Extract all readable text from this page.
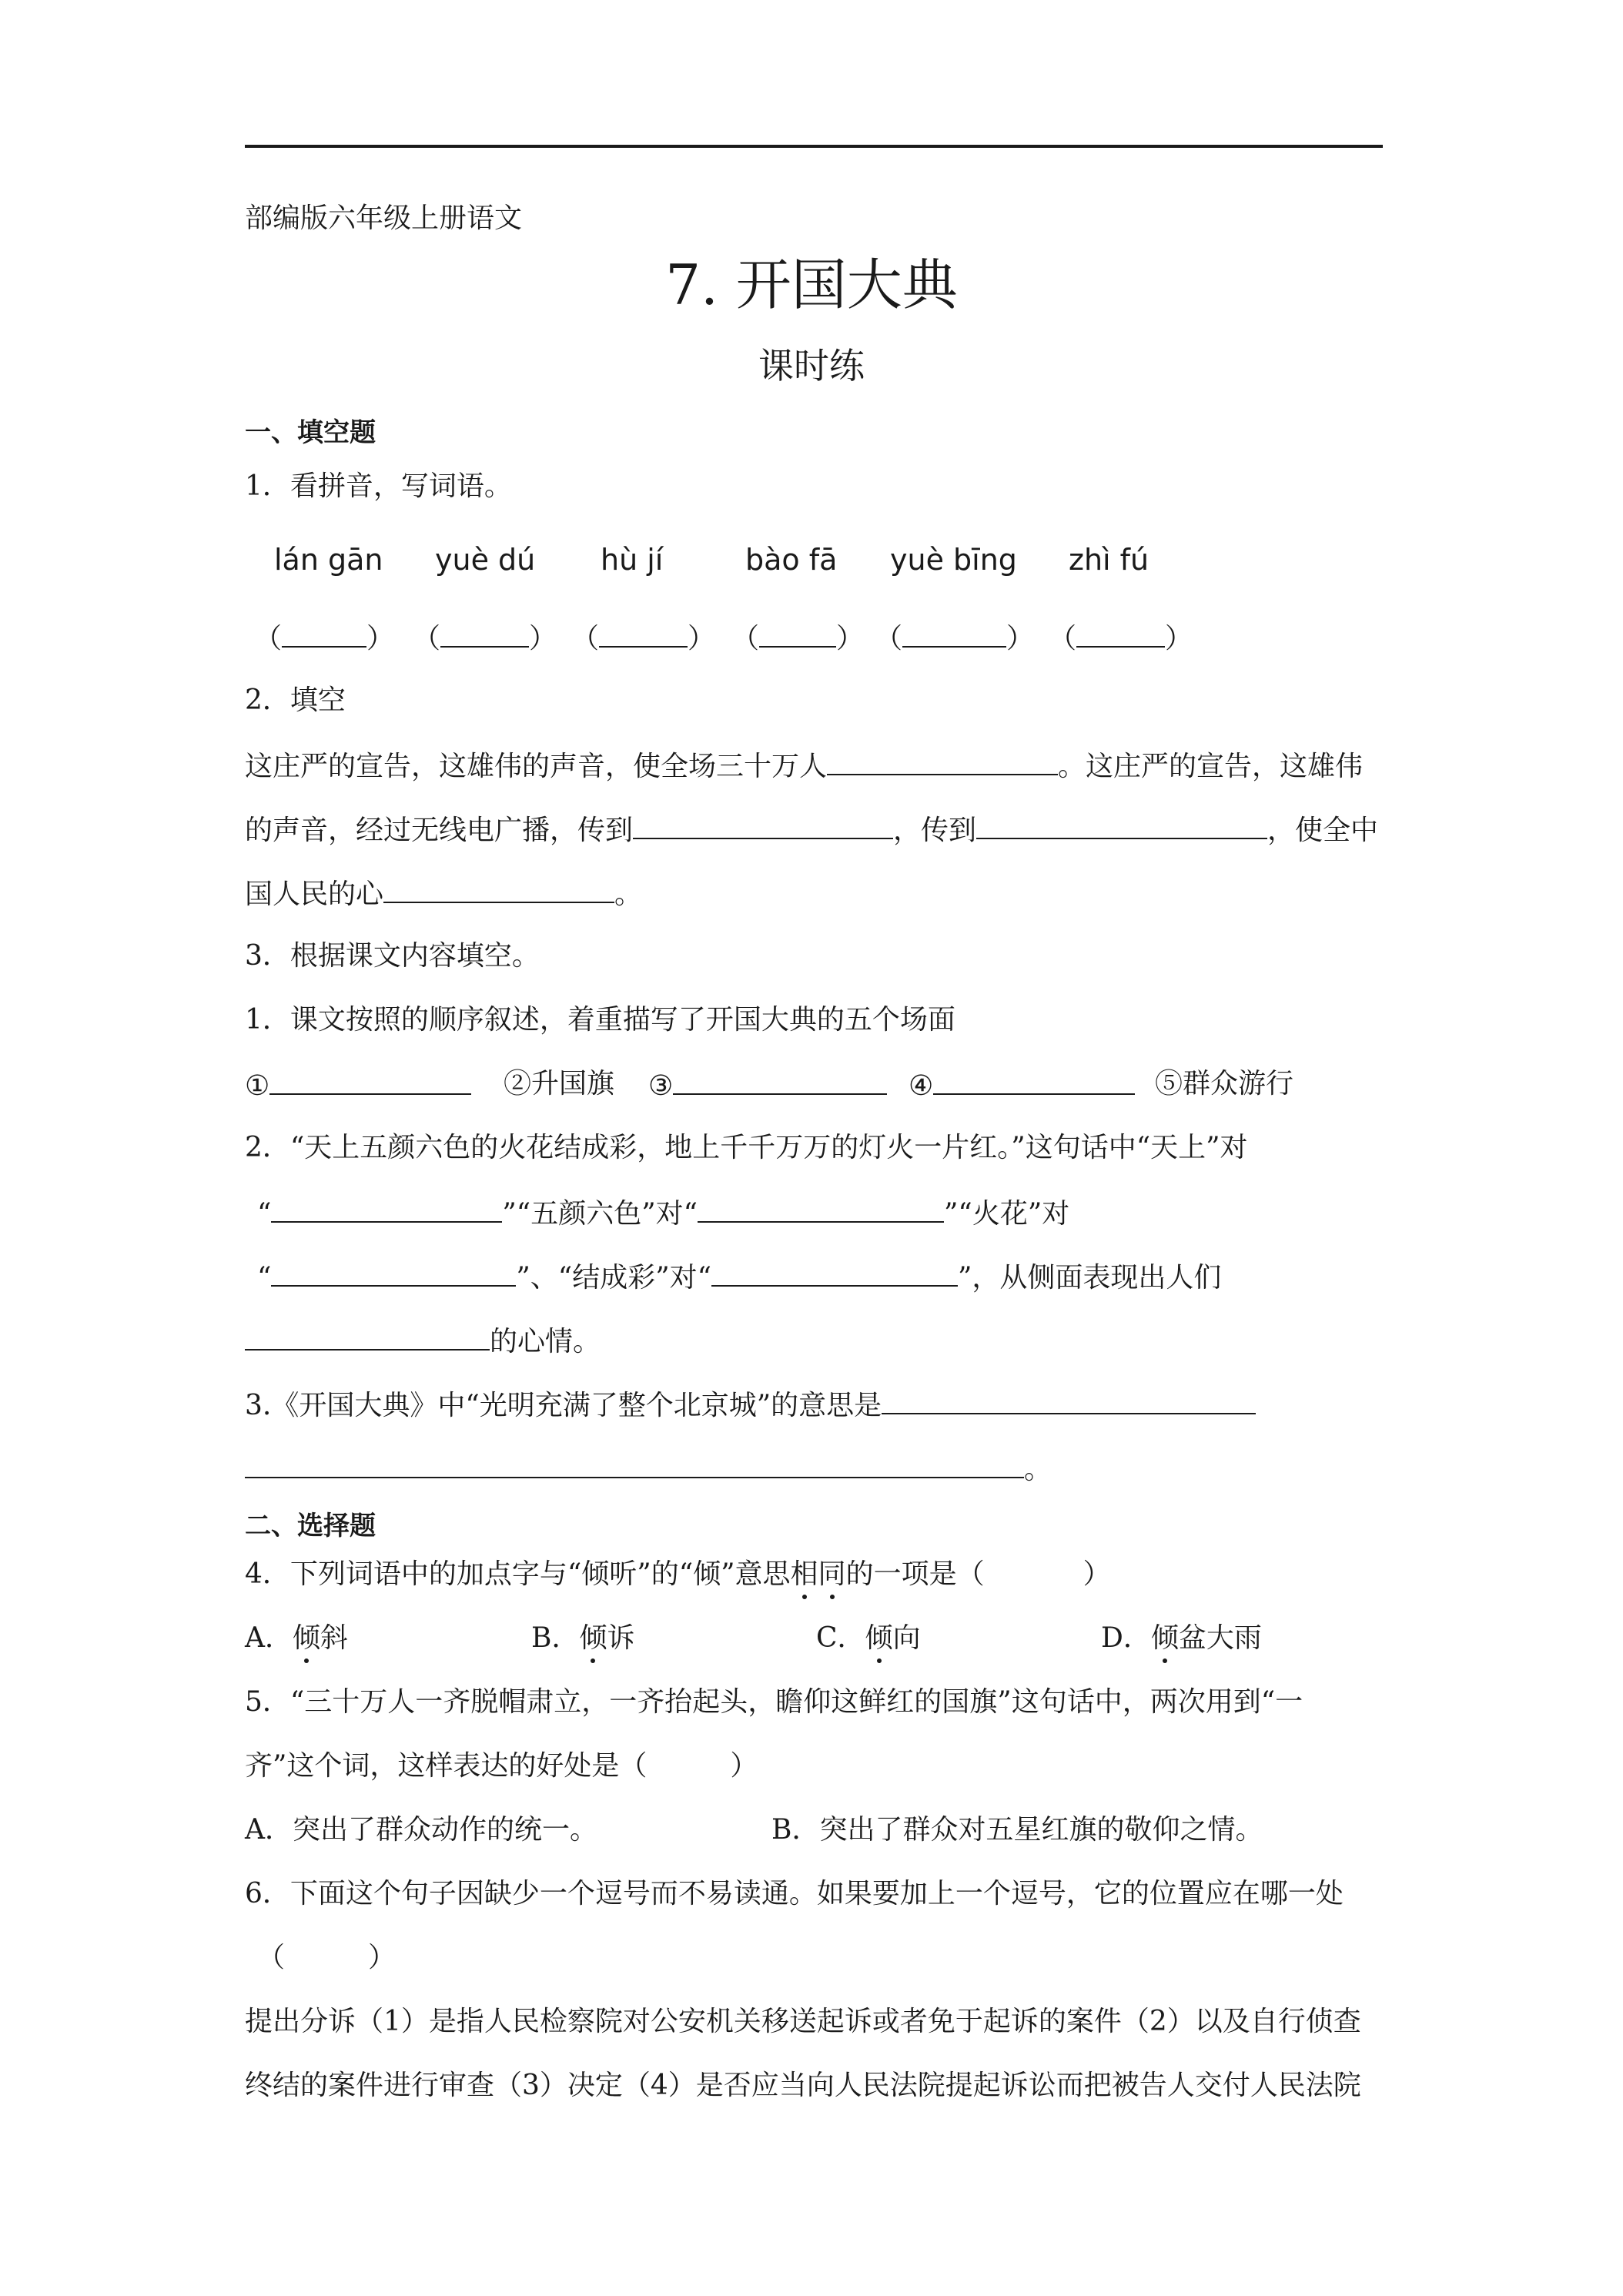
部编版六年级上册语文
7. 开国大典
课时练
一、填空题
1．看拼音，写词语。
lán gān yuè dú hù jí	bào fā yuè bīng zhì fú
（	） （	） （	） （	） （	） （	）
2．填空
这庄严的宣告，这雄伟的声音，使全场三十万人	。这庄严的宣告，这雄伟
的声音，经过无线电广播，传到	，传到	，使全中
国人民的心	。
3．根据课文内容填空。
1．课文按照的顺序叙述，着重描写了开国大典的五个场面
①	②升国旗 ③	④	⑤群众游行
2．“天上五颜六色的火花结成彩，地上千千万万的灯火一片红。”这句话中“天上”对
“	”“五颜六色”对“	”“火花”对
“	”、“结成彩”对“	”，从侧面表现出人们
的心情。
3.《开国大典》中“光明充满了整个北京城”的意思是
。
二、选择题
4．下列词语中的加点字与“倾听”的“倾”意思相同的一项是（	）
A．倾斜	B．倾诉	C．倾向	D．倾盆大雨
5．“三十万人一齐脱帽肃立，一齐抬起头，瞻仰这鲜红的国旗”这句话中，两次用到“一
齐”这个词，这样表达的好处是（　　　）
A．突出了群众动作的统一。	B．突出了群众对五星红旗的敬仰之情。
6．下面这个句子因缺少一个逗号而不易读通。如果要加上一个逗号，它的位置应在哪一处
（　　　）
提出分诉（1）是指人民检察院对公安机关移送起诉或者免于起诉的案件（2）以及自行侦查
终结的案件进行审查（3）决定（4）是否应当向人民法院提起诉讼而把被告人交付人民法院
